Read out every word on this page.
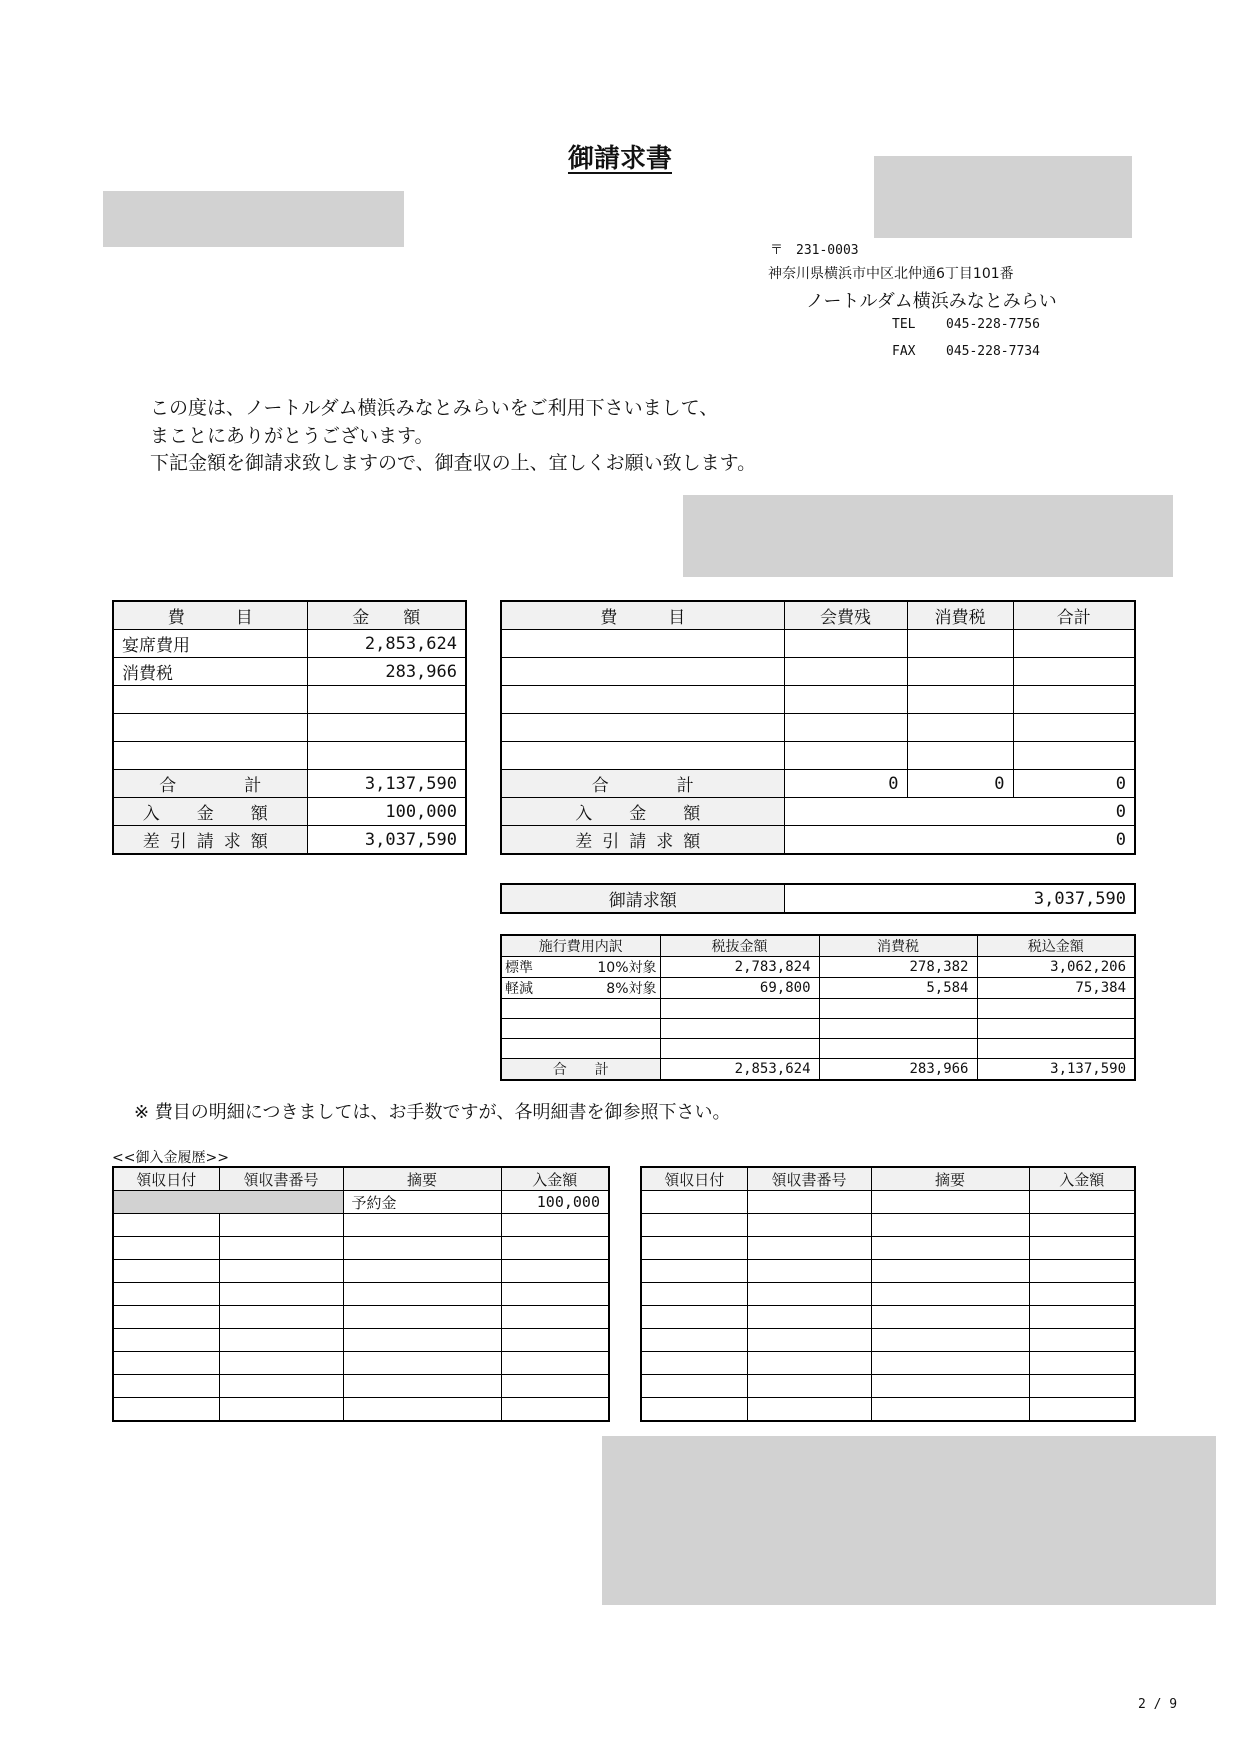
御請求書
〒　231-0003
神奈川県横浜市中区北仲通6丁目101番
ノートルダム横浜みなとみらい
TEL 045-228-7756
FAX 045-228-7734
この度は、ノートルダム横浜みなとみらいをご利用下さいまして、
まことにありがとうございます。
下記金額を御請求致しますので、御査収の上、宜しくお願い致します。
費　　　目	金　　額
宴席費用	2,853,624
消費税	283,966

合　　　　計	3,137,590
入　金　額	100,000
差引請求額	3,037,590
費　　　目	会費残	消費税	合計

合　　　　計	0	0	0
入　金　額	0		
差引請求額	0		
御請求額	3,037,590
施行費用内訳	税抜金額	消費税	税込金額

標準 10%対象	2,783,824	278,382	3,062,206

軽減 8%対象	69,800	5,584	75,384

合　　計	2,853,624	283,966	3,137,590
※ 費目の明細につきましては、お手数ですが、各明細書を御参照下さい。
<<御入金履歴>>
領収日付	領収書番号	摘要	入金額
		予約金	100,000

領収日付	領収書番号	摘要	入金額

2 / 9
